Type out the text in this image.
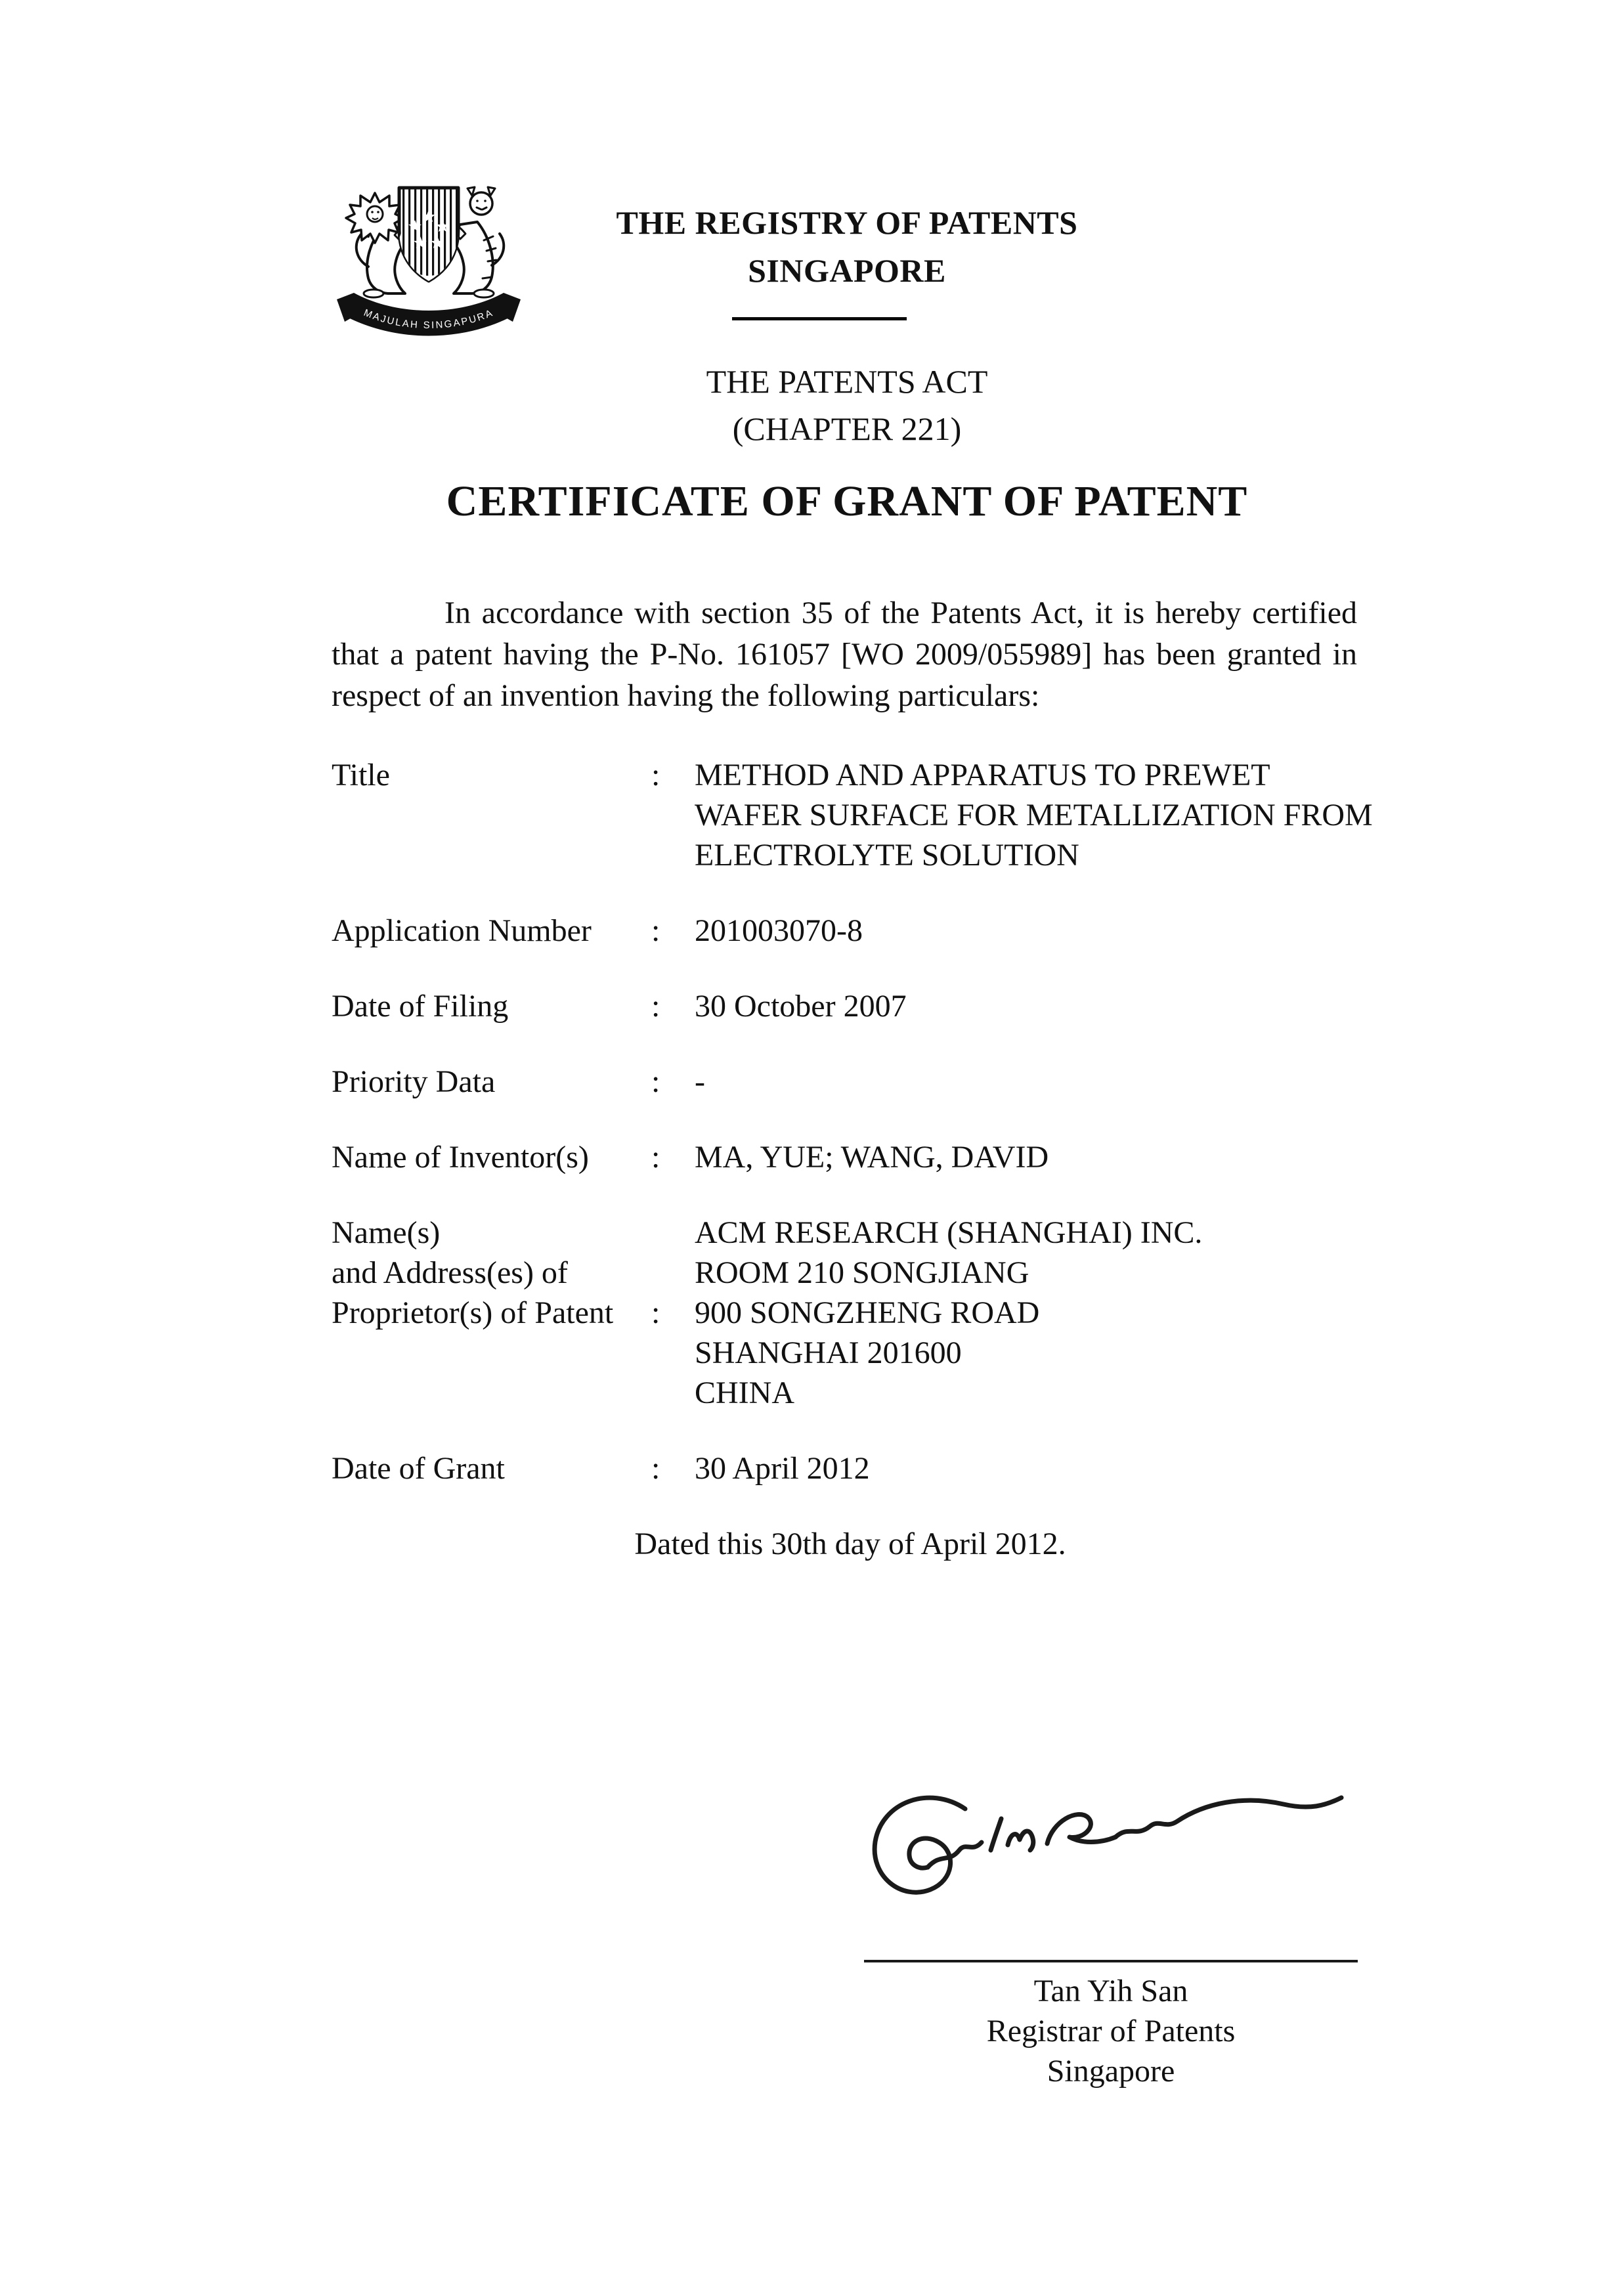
MAJULAH SINGAPURA
THE REGISTRY OF PATENTS
SINGAPORE
THE PATENTS ACT
(CHAPTER 221)
CERTIFICATE OF GRANT OF PATENT

In accordance with section 35 of the Patents Act, it is hereby certified that a patent having the P-No. 161057 [WO 2009/055989] has been granted in respect of an invention having the following particulars:

Title	:	METHOD AND APPARATUS TO PREWET
WAFER SURFACE FOR METALLIZATION FROM
ELECTROLYTE SOLUTION
Application Number	:	201003070-8
Date of Filing	:	30 October 2007
Priority Data	:	-
Name of Inventor(s)	:	MA, YUE; WANG, DAVID
Name(s)
and Address(es) of
Proprietor(s) of Patent	:
ACM RESEARCH (SHANGHAI) INC.
ROOM 210 SONGJIANG
900 SONGZHENG ROAD
SHANGHAI 201600
CHINA
Date of Grant	:	30 April 2012
Dated this 30th day of April 2012.
Tan Yih San
Registrar of Patents
Singapore
